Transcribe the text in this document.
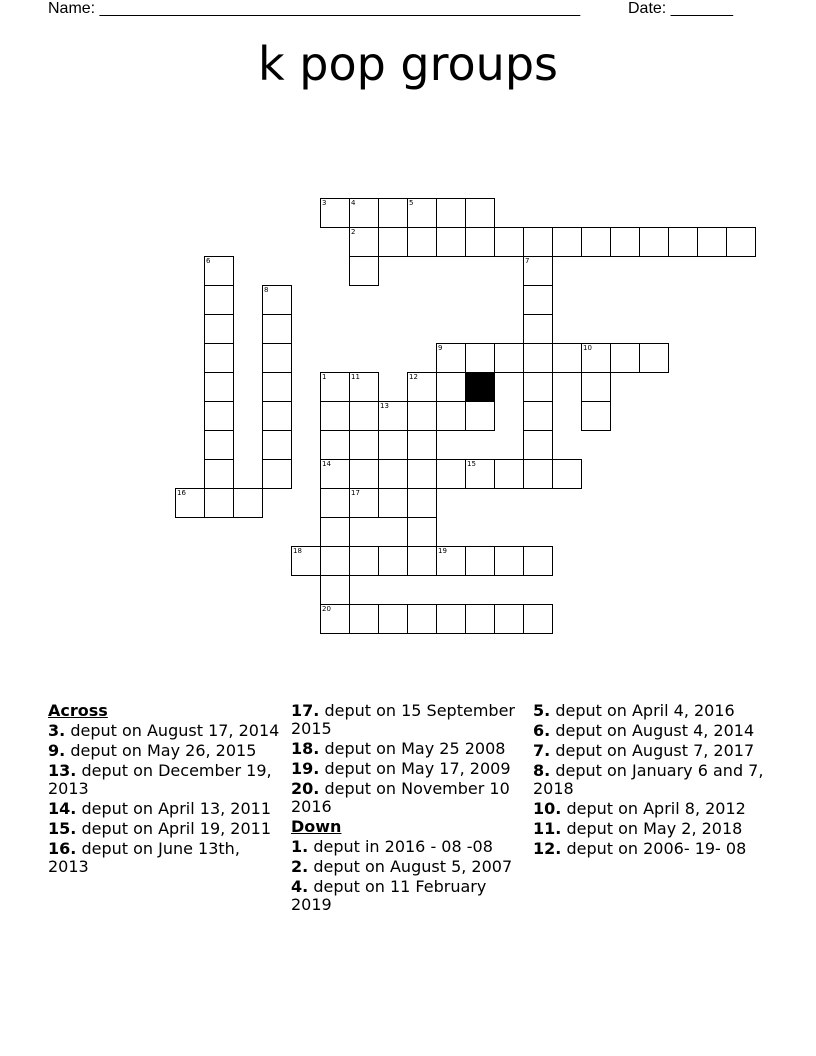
Name: ______________________________________________________	Date: _______
k pop groups
1
2
3	4	5
6	7
8
9	10
11	12
13
14	15
16	17
18	19
20
Across
3. deput on August 17, 2014
9. deput on May 26, 2015
13. deput on December 19, 2013
14. deput on April 13, 2011
15. deput on April 19, 2011
16. deput on June 13th, 2013
17. deput on 15 September 2015
18. deput on May 25 2008
19. deput on May 17, 2009
20. deput on November 10 2016
Down
1. deput in 2016 - 08 -08
2. deput on August 5, 2007
4. deput on 11 February 2019
5. deput on April 4, 2016
6. deput on August 4, 2014
7. deput on August 7, 2017
8. deput on January 6 and 7, 2018
10. deput on April 8, 2012
11. deput on May 2, 2018
12. deput on 2006- 19- 08
